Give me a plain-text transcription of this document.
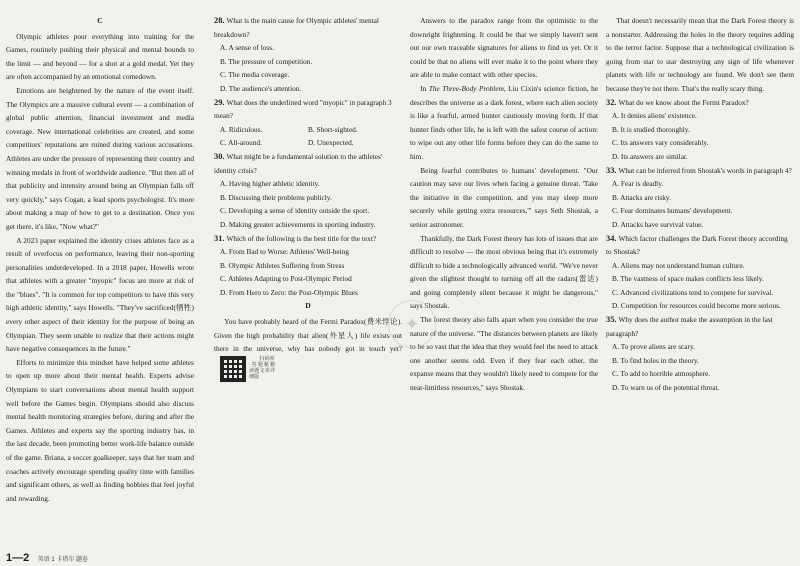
C

Olympic athletes pour everything into training for the Games, routinely pushing their physical and mental bounds to the limit — and beyond — for a shot at a gold medal. Yet they are often accompanied by an emotional comedown.

Emotions are heightened by the nature of the event itself. The Olympics are a massive cultural event — a combination of global public attention, financial investment and media coverage. New international celebrities are created, and some competitors' reputations are ruined during various accusations. Athletes are under the pressure of representing their country and winning medals in front of worldwide audience. "But then all of that publicity and intensity around being an Olympian falls off very quickly," says Cogan, a lead sports psychologist. It's more about making a map of how to get to a destination. Once you get there, it's like, "Now what?"

A 2023 paper explained the identity crises athletes face as a result of overfocus on performance, leaving their non-sporting personalities underdeveloped. In a 2018 paper, Howells wrote that athletes with a greater "myopic" focus are more at risk of the "blues". "It is common for top competitors to have this very high athletic identity," says Howells. "They've sacrificed(牺牲) every other aspect of their identity for the purpose of being an Olympian. They seem unable to realize that their actions might have negative consequences in the future."

Efforts to minimize this mindset have helped some athletes to open up more about their mental health. Experts advise Olympians to start conversations about mental health support well before the Games begin. Olympians should also discuss mental health monitoring strategies before, during and after the Games. Athletes and experts say the sporting industry has, in the last decade, been promoting better work-life balance outside of the game. Briana, a soccer goalkeeper, says that her team and coaches actively encourage spending quality time with families and significant others, as well as finding hobbies that feel joyful and rewarding.

28. What is the main cause for Olympic athletes' mental breakdown?
A. A sense of loss.
B. The pressure of competition.
C. The media coverage.
D. The audience's attention.
29. What does the underlined word "myopic" in paragraph 3 mean?
A. Ridiculous.	B. Short-sighted.
C. All-around.	D. Unexpected.
30. What might be a fundamental solution to the athletes' identity crisis?
A. Having higher athletic identity.
B. Discussing their problems publicly.
C. Developing a sense of identity outside the sport.
D. Making greater achievements in sporting industry.
31. Which of the following is the best title for the text?
A. From Bad to Worse: Athletes' Well-being
B. Olympic Athletes Suffering from Stress
C. Athletes Adapting to Post-Olympic Period
D. From Hero to Zero: the Post-Olympic Blues
D

You have probably heard of the Fermi Paradox(费米悖论). Given the high probability that alien(外星人) life exists out there in the universe, why has nobody got in touch yet?扫码听·答题秘籍 读题文章详细版

Answers to the paradox range from the optimistic to the downright frightening. It could be that we simply haven't sent out our own traceable signatures for aliens to find us yet. Or it could be that no aliens will ever make it to the point where they are able to make contact with other species.

In The Three-Body Problem, Liu Cixin's science fiction, he describes the universe as a dark forest, where each alien society is like a fearful, armed hunter cautiously moving forth. If that hunter finds other life, he is left with the safest course of action: to wipe out any other life forms before they can do the same to him.

Being fearful contributes to humans' development. "Our caution may save our lives when facing a genuine threat. 'Take the initiative in the competition, and you may sleep more securely while getting extra resources,'" says Seth Shostak, a senior astronomer.

Thankfully, the Dark Forest theory has lots of issues that are difficult to resolve — the most obvious being that it's extremely difficult to hide a technologically advanced world. "We've never given the slightest thought to turning off all the radars(雷达) and going completely silent because it might be dangerous," says Shostak.

The forest theory also falls apart when you consider the true nature of the universe. "The distances between planets are likely to be so vast that the idea that they would feel the need to attack one another seems odd. Even if they fear each other, the expanse means that they wouldn't likely need to compete for the near-limitless resources," says Shostak.

That doesn't necessarily mean that the Dark Forest theory is a nonstarter. Addressing the holes in the theory requires adding to the terror factor. Suppose that a technological civilization is going from star to star destroying any sign of life whenever planets with life or technology are found. We don't see them because they're not there. That's the really scary thing.

32. What do we know about the Fermi Paradox?
A. It denies aliens' existence.
B. It is studied thoroughly.
C. Its answers vary considerably.
D. Its answers are similar.
33. What can be inferred from Shostak's words in paragraph 4?
A. Fear is deadly.
B. Attacks are risky.
C. Fear dominates humans' development.
D. Attacks have survival value.
34. Which factor challenges the Dark Forest theory according to Shostak?
A. Aliens may not understand human culture.
B. The vastness of space makes conflicts less likely.
C. Advanced civilizations tend to compete for survival.
D. Competition for resources could become more serious.
35. Why does the author make the assumption in the last paragraph?
A. To prove aliens are scary.
B. To find holes in the theory.
C. To add to horrible atmosphere.
D. To warn us of the potential threat.
✦
1—2 英语 1 卡塔尔 题卷
